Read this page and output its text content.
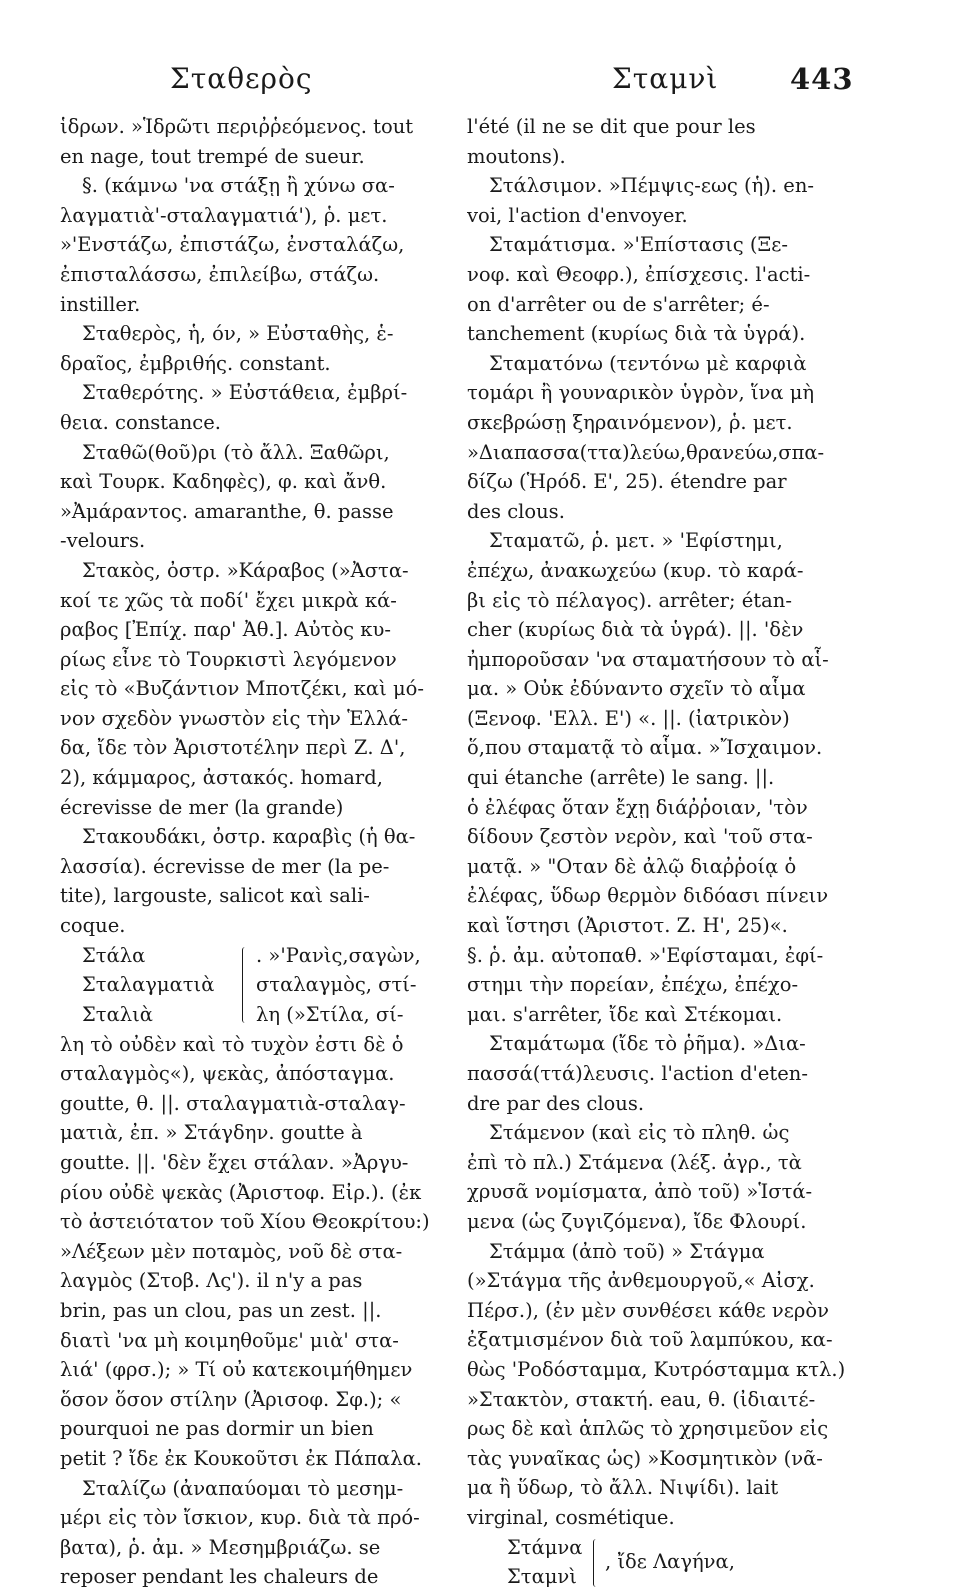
Σταθερὸς	Σταμνὶ 443
ἱδρων. »Ἱδρῶτι περιῤῥεόμενος. tout
en nage, tout trempé de sueur.
§. (κάμνω 'να στάξῃ ἢ χύνω σα-
λαγματιὰ'-σταλαγματιά'), ῥ. μετ.
»'Ενστάζω, ἐπιστάζω, ἐνσταλάζω,
ἐπισταλάσσω, ἐπιλείβω, στάζω.
instiller.
Σταθερὸς, ἡ, όν, » Εὐσταθὴς, ἑ-
δραῖος, ἐμβριθής. constant.
Σταθερότης. » Εὐστάθεια, ἐμβρί-
θεια. constance.
Σταθῶ(θοῦ)ρι (τὸ ἄλλ. Ξαθῶρι,
καὶ Τουρκ. Καδηφὲς), φ. καὶ ἄνθ.
»Ἀμάραντος. amaranthe, θ. passe
-velours.
Στακὸς, ὀστρ. »Κάραβος (»Ἀστα-
κοί τε χῶς τὰ ποδί' ἔχει μικρὰ κά-
ραβος [Ἐπίχ. παρ' Ἀθ.]. Αὐτὸς κυ-
ρίως εἶνε τὸ Τουρκιστὶ λεγόμενον
εἰς τὸ «Βυζάντιον Μποτζέκι, καὶ μό-
νον σχεδὸν γνωστὸν εἰς τὴν Ἑλλά-
δα, ἴδε τὸν Ἀριστοτέλην περὶ Ζ. Δ',
2), κάμμαρος, ἀστακός. homard,
écrevisse de mer (la grande)
Στακουδάκι, ὀστρ. καραβὶς (ἡ θα-
λασσία). écrevisse de mer (la pe-
tite), largouste, salicot καὶ sali-
coque.
Στάλα
Σταλαγματιὰ
Σταλιὰ
. »'Ρανὶς,σαγὼν,
σταλαγμὸς, στί-
λη (»Στίλα, σί-
λη τὸ οὐδὲν καὶ τὸ τυχὸν ἐστι δὲ ὁ
σταλαγμὸς«), ψεκὰς, ἀπόσταγμα.
goutte, θ. ||. σταλαγματιὰ-σταλαγ-
ματιὰ, ἐπ. » Στάγδην. goutte à
goutte. ||. 'δὲν ἔχει στάλαν. »Ἀργυ-
ρίου οὐδὲ ψεκὰς (Ἀριστοφ. Εἰρ.). (ἐκ
τὸ ἀστειότατον τοῦ Χίου Θεοκρίτου:)
»Λέξεων μὲν ποταμὸς, νοῦ δὲ στα-
λαγμὸς (Στοβ. Λς'). il n'y a pas
brin, pas un clou, pas un zest. ||.
διατὶ 'να μὴ κοιμηθοῦμε' μιὰ' στα-
λιά' (φρσ.); » Τί οὐ κατεκοιμήθημεν
ὅσον ὅσον στίλην (Ἀρισοφ. Σφ.); «
pourquoi ne pas dormir un bien
petit ? ἴδε ἐκ Κουκοῦτσι ἐκ Πάπαλα.
Σταλίζω (ἀναπαύομαι τὸ μεσημ-
μέρι εἰς τὸν ἴσκιον, κυρ. διὰ τὰ πρό-
βατα), ῥ. ἀμ. » Μεσημβριάζω. se
reposer pendant les chaleurs de
l'été (il ne se dit que pour les
moutons).
Στάλσιμον. »Πέμψις-εως (ἡ). en-
voi, l'action d'envoyer.
Σταμάτισμα. »'Επίστασις (Ξε-
νοφ. καὶ Θεοφρ.), ἐπίσχεσις. l'acti-
on d'arrêter ou de s'arrêter; é-
tanchement (κυρίως διὰ τὰ ὑγρά).
Σταματόνω (τεντόνω μὲ καρφιὰ
τομάρι ἢ γουναρικὸν ὑγρὸν, ἵνα μὴ
σκεβρώσῃ ξηραινόμενον), ῥ. μετ.
»Διαπασσα(ττα)λεύω,θρανεύω,σπα-
δίζω (Ἡρόδ. Ε', 25). étendre par
des clous.
Σταματῶ, ῥ. μετ. » 'Εφίστημι,
ἐπέχω, ἀνακωχεύω (κυρ. τὸ καρά-
βι εἰς τὸ πέλαγος). arrêter; étan-
cher (κυρίως διὰ τὰ ὑγρά). ||. 'δὲν
ἠμποροῦσαν 'να σταματήσουν τὸ αἷ-
μα. » Οὐκ ἐδύναντο σχεῖν τὸ αἷμα
(Ξενοφ. 'Ελλ. Ε') «. ||. (ἰατρικὸν)
ὅ,που σταματᾷ τὸ αἷμα. »Ἴσχαιμον.
qui étanche (arrête) le sang. ||.
ὁ ἐλέφας ὅταν ἔχῃ διάῤῥοιαν, 'τὸν
δίδουν ζεστὸν νερὸν, καὶ 'τοῦ στα-
ματᾷ. » "Οταν δὲ ἀλῷ διαῤῥοίᾳ ὁ
ἐλέφας, ὕδωρ θερμὸν διδόασι πίνειν
καὶ ἵστησι (Ἀριστοτ. Ζ. Η', 25)«.
§. ῥ. ἀμ. αὐτοπαθ. »'Εφίσταμαι, ἐφί-
στημι τὴν πορείαν, ἐπέχω, ἐπέχο-
μαι. s'arrêter, ἴδε καὶ Στέκομαι.
Σταμάτωμα (ἴδε τὸ ῥῆμα). »Δια-
πασσά(ττά)λευσις. l'action d'eten-
dre par des clous.
Στάμενον (καὶ εἰς τὸ πληθ. ὡς
ἐπὶ τὸ πλ.) Στάμενα (λέξ. ἀγρ., τὰ
χρυσᾶ νομίσματα, ἀπὸ τοῦ) »Ἱστά-
μενα (ὡς ζυγιζόμενα), ἴδε Φλουρί.
Στάμμα (ἀπὸ τοῦ) » Στάγμα
(»Στάγμα τῆς ἀνθεμουργοῦ,« Αἰσχ.
Πέρσ.), (ἐν μὲν συνθέσει κάθε νερὸν
ἐξατμισμένον διὰ τοῦ λαμπύκου, κα-
θὼς 'Ροδόσταμμα, Κυτρόσταμμα κτλ.)
»Στακτὸν, στακτή. eau, θ. (ἰδιαιτέ-
ρως δὲ καὶ ἁπλῶς τὸ χρησιμεῦον εἰς
τὰς γυναῖκας ὡς) »Κοσμητικὸν (νᾶ-
μα ἢ ὕδωρ, τὸ ἄλλ. Νιψίδι). lait
virginal, cosmétique.
Στάμνα
Σταμνὶ
, ἴδε Λαγήνα,
